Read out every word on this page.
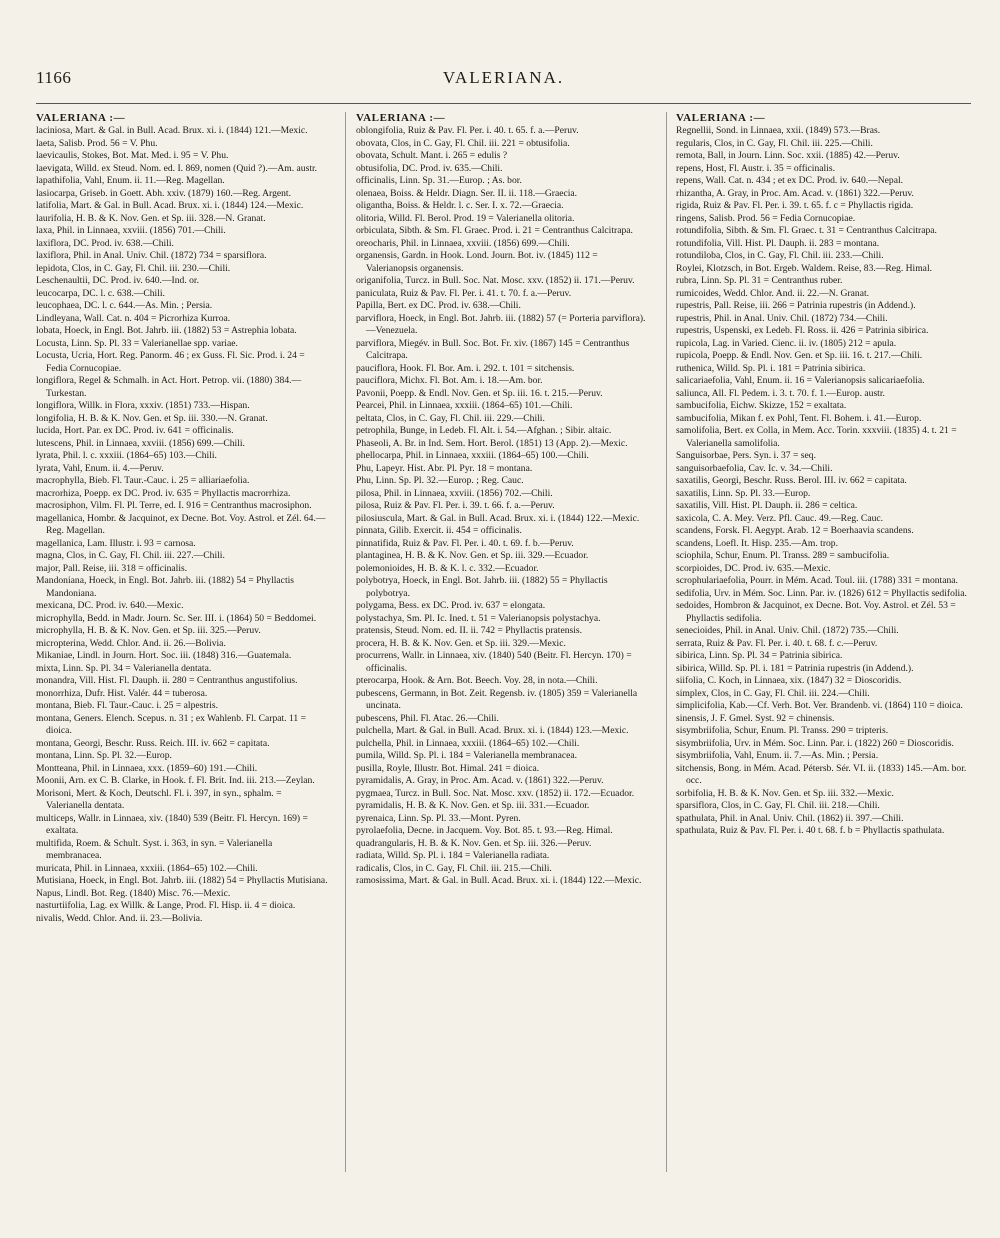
1166	VALERIANA.
VALERIANA :—

laciniosa, Mart. & Gal. in Bull. Acad. Brux. xi. i. (1844) 121.—Mexic.

laeta, Salisb. Prod. 56 = V. Phu.

laevicaulis, Stokes, Bot. Mat. Med. i. 95 = V. Phu.

laevigata, Willd. ex Steud. Nom. ed. I. 869, nomen (Quid ?).—Am. austr.

lapathifolia, Vahl, Enum. ii. 11.—Reg. Magellan.

lasiocarpa, Griseb. in Goett. Abh. xxiv. (1879) 160.—Reg. Argent.

latifolia, Mart. & Gal. in Bull. Acad. Brux. xi. i. (1844) 124.—Mexic.

laurifolia, H. B. & K. Nov. Gen. et Sp. iii. 328.—N. Granat.

laxa, Phil. in Linnaea, xxviii. (1856) 701.—Chili.

laxiflora, DC. Prod. iv. 638.—Chili.

laxiflora, Phil. in Anal. Univ. Chil. (1872) 734 = sparsiflora.

lepidota, Clos, in C. Gay, Fl. Chil. iii. 230.—Chili.

Leschenaultii, DC. Prod. iv. 640.—Ind. or.

leucocarpa, DC. l. c. 638.—Chili.

leucophaea, DC. l. c. 644.—As. Min. ; Persia.

Lindleyana, Wall. Cat. n. 404 = Picrorhiza Kurroa.

lobata, Hoeck, in Engl. Bot. Jahrb. iii. (1882) 53 = Astrephia lobata.

Locusta, Linn. Sp. Pl. 33 = Valerianellae spp. variae.

Locusta, Ucria, Hort. Reg. Panorm. 46 ; ex Guss. Fl. Sic. Prod. i. 24 = Fedia Cornucopiae.

longiflora, Regel & Schmalh. in Act. Hort. Petrop. vii. (1880) 384.— Turkestan.

longiflora, Willk. in Flora, xxxiv. (1851) 733.—Hispan.

longifolia, H. B. & K. Nov. Gen. et Sp. iii. 330.—N. Granat.

lucida, Hort. Par. ex DC. Prod. iv. 641 = officinalis.

lutescens, Phil. in Linnaea, xxviii. (1856) 699.—Chili.

lyrata, Phil. l. c. xxxiii. (1864–65) 103.—Chili.

lyrata, Vahl, Enum. ii. 4.—Peruv.

macrophylla, Bieb. Fl. Taur.-Cauc. i. 25 = alliariaefolia.

macrorhiza, Poepp. ex DC. Prod. iv. 635 = Phyllactis macrorrhiza.

macrosiphon, Vilm. Fl. Pl. Terre, ed. I. 916 = Centranthus macrosiphon.

magellanica, Hombr. & Jacquinot, ex Decne. Bot. Voy. Astrol. et Zél. 64.—Reg. Magellan.

magellanica, Lam. Illustr. i. 93 = carnosa.

magna, Clos, in C. Gay, Fl. Chil. iii. 227.—Chili.

major, Pall. Reise, iii. 318 = officinalis.

Mandoniana, Hoeck, in Engl. Bot. Jahrb. iii. (1882) 54 = Phyllactis Mandoniana.

mexicana, DC. Prod. iv. 640.—Mexic.

microphylla, Bedd. in Madr. Journ. Sc. Ser. III. i. (1864) 50 = Beddomei.

microphylla, H. B. & K. Nov. Gen. et Sp. iii. 325.—Peruv.

micropterina, Wedd. Chlor. And. ii. 26.—Bolivia.

Mikaniae, Lindl. in Journ. Hort. Soc. iii. (1848) 316.—Guatemala.

mixta, Linn. Sp. Pl. 34 = Valerianella dentata.

monandra, Vill. Hist. Fl. Dauph. ii. 280 = Centranthus angustifolius.

monorrhiza, Dufr. Hist. Valér. 44 = tuberosa.

montana, Bieb. Fl. Taur.-Cauc. i. 25 = alpestris.

montana, Geners. Elench. Scepus. n. 31 ; ex Wahlenb. Fl. Carpat. 11 = dioica.

montana, Georgi, Beschr. Russ. Reich. III. iv. 662 = capitata.

montana, Linn. Sp. Pl. 32.—Europ.

Montteana, Phil. in Linnaea, xxx. (1859–60) 191.—Chili.

Moonii, Arn. ex C. B. Clarke, in Hook. f. Fl. Brit. Ind. iii. 213.—Zeylan.

Morisoni, Mert. & Koch, Deutschl. Fl. i. 397, in syn., sphalm. = Valerianella dentata.

multiceps, Wallr. in Linnaea, xiv. (1840) 539 (Beitr. Fl. Hercyn. 169) = exaltata.

multifida, Roem. & Schult. Syst. i. 363, in syn. = Valerianella membranacea.

muricata, Phil. in Linnaea, xxxiii. (1864–65) 102.—Chili.

Mutisiana, Hoeck, in Engl. Bot. Jahrb. iii. (1882) 54 = Phyllactis Mutisiana.

Napus, Lindl. Bot. Reg. (1840) Misc. 76.—Mexic.

nasturtiifolia, Lag. ex Willk. & Lange, Prod. Fl. Hisp. ii. 4 = dioica.

nivalis, Wedd. Chlor. And. ii. 23.—Bolivia.

VALERIANA :—

oblongifolia, Ruiz & Pav. Fl. Per. i. 40. t. 65. f. a.—Peruv.

obovata, Clos, in C. Gay, Fl. Chil. iii. 221 = obtusifolia.

obovata, Schult. Mant. i. 265 = edulis ?

obtusifolia, DC. Prod. iv. 635.—Chili.

officinalis, Linn. Sp. 31.—Europ. ; As. bor.

olenaea, Boiss. & Heldr. Diagn. Ser. II. ii. 118.—Graecia.

oligantha, Boiss. & Heldr. l. c. Ser. I. x. 72.—Graecia.

olitoria, Willd. Fl. Berol. Prod. 19 = Valerianella olitoria.

orbiculata, Sibth. & Sm. Fl. Graec. Prod. i. 21 = Centranthus Calcitrapa.

oreocharis, Phil. in Linnaea, xxviii. (1856) 699.—Chili.

organensis, Gardn. in Hook. Lond. Journ. Bot. iv. (1845) 112 = Valerianopsis organensis.

origanifolia, Turcz. in Bull. Soc. Nat. Mosc. xxv. (1852) ii. 171.—Peruv.

paniculata, Ruiz & Pav. Fl. Per. i. 41. t. 70. f. a.—Peruv.

Papilla, Bert. ex DC. Prod. iv. 638.—Chili.

parviflora, Hoeck, in Engl. Bot. Jahrb. iii. (1882) 57 (= Porteria parviflora).—Venezuela.

parviflora, Miegév. in Bull. Soc. Bot. Fr. xiv. (1867) 145 = Centranthus Calcitrapa.

pauciflora, Hook. Fl. Bor. Am. i. 292. t. 101 = sitchensis.

pauciflora, Michx. Fl. Bot. Am. i. 18.—Am. bor.

Pavonii, Poepp. & Endl. Nov. Gen. et Sp. iii. 16. t. 215.—Peruv.

Pearcei, Phil. in Linnaea, xxxiii. (1864–65) 101.—Chili.

peltata, Clos, in C. Gay, Fl. Chil. iii. 229.—Chili.

petrophila, Bunge, in Ledeb. Fl. Alt. i. 54.—Afghan. ; Sibir. altaic.

Phaseoli, A. Br. in Ind. Sem. Hort. Berol. (1851) 13 (App. 2).—Mexic.

phellocarpa, Phil. in Linnaea, xxxiii. (1864–65) 100.—Chili.

Phu, Lapeyr. Hist. Abr. Pl. Pyr. 18 = montana.

Phu, Linn. Sp. Pl. 32.—Europ. ; Reg. Cauc.

pilosa, Phil. in Linnaea, xxviii. (1856) 702.—Chili.

pilosa, Ruiz & Pav. Fl. Per. i. 39. t. 66. f. a.—Peruv.

pilosiuscula, Mart. & Gal. in Bull. Acad. Brux. xi. i. (1844) 122.—Mexic.

pinnata, Gilib. Exercit. ii. 454 = officinalis.

pinnatifida, Ruiz & Pav. Fl. Per. i. 40. t. 69. f. b.—Peruv.

plantaginea, H. B. & K. Nov. Gen. et Sp. iii. 329.—Ecuador.

polemonioides, H. B. & K. l. c. 332.—Ecuador.

polybotrya, Hoeck, in Engl. Bot. Jahrb. iii. (1882) 55 = Phyllactis polybotrya.

polygama, Bess. ex DC. Prod. iv. 637 = elongata.

polystachya, Sm. Pl. Ic. Ined. t. 51 = Valerianopsis polystachya.

pratensis, Steud. Nom. ed. II. ii. 742 = Phyllactis pratensis.

procera, H. B. & K. Nov. Gen. et Sp. iii. 329.—Mexic.

procurrens, Wallr. in Linnaea, xiv. (1840) 540 (Beitr. Fl. Hercyn. 170) = officinalis.

pterocarpa, Hook. & Arn. Bot. Beech. Voy. 28, in nota.—Chili.

pubescens, Germann, in Bot. Zeit. Regensb. iv. (1805) 359 = Valerianella uncinata.

pubescens, Phil. Fl. Atac. 26.—Chili.

pulchella, Mart. & Gal. in Bull. Acad. Brux. xi. i. (1844) 123.—Mexic.

pulchella, Phil. in Linnaea, xxxiii. (1864–65) 102.—Chili.

pumila, Willd. Sp. Pl. i. 184 = Valerianella membranacea.

pusilla, Royle, Illustr. Bot. Himal. 241 = dioica.

pyramidalis, A. Gray, in Proc. Am. Acad. v. (1861) 322.—Peruv.

pygmaea, Turcz. in Bull. Soc. Nat. Mosc. xxv. (1852) ii. 172.—Ecuador.

pyramidalis, H. B. & K. Nov. Gen. et Sp. iii. 331.—Ecuador.

pyrenaica, Linn. Sp. Pl. 33.—Mont. Pyren.

pyrolaefolia, Decne. in Jacquem. Voy. Bot. 85. t. 93.—Reg. Himal.

quadrangularis, H. B. & K. Nov. Gen. et Sp. iii. 326.—Peruv.

radiata, Willd. Sp. Pl. i. 184 = Valerianella radiata.

radicalis, Clos, in C. Gay, Fl. Chil. iii. 215.—Chili.

ramosissima, Mart. & Gal. in Bull. Acad. Brux. xi. i. (1844) 122.—Mexic.

VALERIANA :—

Regnellii, Sond. in Linnaea, xxii. (1849) 573.—Bras.

regularis, Clos, in C. Gay, Fl. Chil. iii. 225.—Chili.

remota, Ball, in Journ. Linn. Soc. xxii. (1885) 42.—Peruv.

repens, Host, Fl. Austr. i. 35 = officinalis.

repens, Wall. Cat. n. 434 ; et ex DC. Prod. iv. 640.—Nepal.

rhizantha, A. Gray, in Proc. Am. Acad. v. (1861) 322.—Peruv.

rigida, Ruiz & Pav. Fl. Per. i. 39. t. 65. f. c = Phyllactis rigida.

ringens, Salisb. Prod. 56 = Fedia Cornucopiae.

rotundifolia, Sibth. & Sm. Fl. Graec. t. 31 = Centranthus Calcitrapa.

rotundifolia, Vill. Hist. Pl. Dauph. ii. 283 = montana.

rotundiloba, Clos, in C. Gay, Fl. Chil. iii. 233.—Chili.

Roylei, Klotzsch, in Bot. Ergeb. Waldem. Reise, 83.—Reg. Himal.

rubra, Linn. Sp. Pl. 31 = Centranthus ruber.

rumicoides, Wedd. Chlor. And. ii. 22.—N. Granat.

rupestris, Pall. Reise, iii. 266 = Patrinia rupestris (in Addend.).

rupestris, Phil. in Anal. Univ. Chil. (1872) 734.—Chili.

rupestris, Uspenski, ex Ledeb. Fl. Ross. ii. 426 = Patrinia sibirica.

rupicola, Lag. in Varied. Cienc. ii. iv. (1805) 212 = apula.

rupicola, Poepp. & Endl. Nov. Gen. et Sp. iii. 16. t. 217.—Chili.

ruthenica, Willd. Sp. Pl. i. 181 = Patrinia sibirica.

salicariaefolia, Vahl, Enum. ii. 16 = Valerianopsis salicariaefolia.

saliunca, All. Fl. Pedem. i. 3. t. 70. f. 1.—Europ. austr.

sambucifolia, Eichw. Skizze, 152 = exaltata.

sambucifolia, Mikan f. ex Pohl, Tent. Fl. Bohem. i. 41.—Europ.

samolifolia, Bert. ex Colla, in Mem. Acc. Torin. xxxviii. (1835) 4. t. 21 = Valerianella samolifolia.

Sanguisorbae, Pers. Syn. i. 37 = seq.

sanguisorbaefolia, Cav. Ic. v. 34.—Chili.

saxatilis, Georgi, Beschr. Russ. Berol. III. iv. 662 = capitata.

saxatilis, Linn. Sp. Pl. 33.—Europ.

saxatilis, Vill. Hist. Pl. Dauph. ii. 286 = celtica.

saxicola, C. A. Mey. Verz. Pfl. Cauc. 49.—Reg. Cauc.

scandens, Forsk. Fl. Aegypt. Arab. 12 = Boerhaavia scandens.

scandens, Loefl. It. Hisp. 235.—Am. trop.

sciophila, Schur, Enum. Pl. Transs. 289 = sambucifolia.

scorpioides, DC. Prod. iv. 635.—Mexic.

scrophulariaefolia, Pourr. in Mém. Acad. Toul. iii. (1788) 331 = montana.

sedifolia, Urv. in Mém. Soc. Linn. Par. iv. (1826) 612 = Phyllactis sedifolia.

sedoides, Hombron & Jacquinot, ex Decne. Bot. Voy. Astrol. et Zél. 53 = Phyllactis sedifolia.

senecioides, Phil. in Anal. Univ. Chil. (1872) 735.—Chili.

serrata, Ruiz & Pav. Fl. Per. i. 40. t. 68. f. c.—Peruv.

sibirica, Linn. Sp. Pl. 34 = Patrinia sibirica.

sibirica, Willd. Sp. Pl. i. 181 = Patrinia rupestris (in Addend.).

siifolia, C. Koch, in Linnaea, xix. (1847) 32 = Dioscoridis.

simplex, Clos, in C. Gay, Fl. Chil. iii. 224.—Chili.

simplicifolia, Kab.—Cf. Verh. Bot. Ver. Brandenb. vi. (1864) 110 = dioica.

sinensis, J. F. Gmel. Syst. 92 = chinensis.

sisymbriifolia, Schur, Enum. Pl. Transs. 290 = tripteris.

sisymbriifolia, Urv. in Mém. Soc. Linn. Par. i. (1822) 260 = Dioscoridis.

sisymbriifolia, Vahl, Enum. ii. 7.—As. Min. ; Persia.

sitchensis, Bong. in Mém. Acad. Pétersb. Sér. VI. ii. (1833) 145.—Am. bor. occ.

sorbifolia, H. B. & K. Nov. Gen. et Sp. iii. 332.—Mexic.

sparsiflora, Clos, in C. Gay, Fl. Chil. iii. 218.—Chili.

spathulata, Phil. in Anal. Univ. Chil. (1862) ii. 397.—Chili.

spathulata, Ruiz & Pav. Fl. Per. i. 40 t. 68. f. b = Phyllactis spathulata.
